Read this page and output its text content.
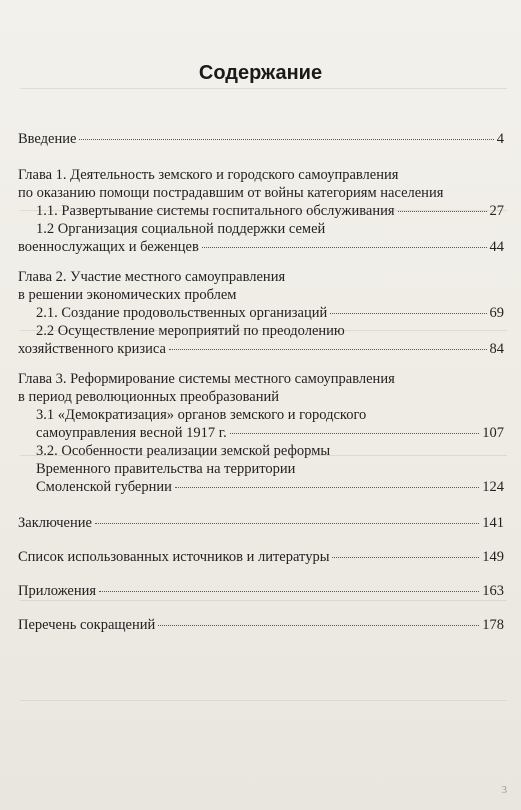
Содержание
Введение	4
Глава 1. Деятельность земского и городского самоуправления
по оказанию помощи пострадавшим от войны категориям населения
1.1. Развертывание системы госпитального обслуживания	27
1.2 Организация социальной поддержки семей
военнослужащих и беженцев	44
Глава 2. Участие местного самоуправления
в решении экономических проблем
2.1. Создание продовольственных организаций	69
2.2 Осуществление мероприятий по преодолению
хозяйственного кризиса	84
Глава 3. Реформирование системы местного самоуправления
в период революционных преобразований
3.1 «Демократизация» органов земского и городского
самоуправления весной 1917 г.	107
3.2. Особенности реализации земской реформы
Временного правительства на территории
Смоленской губернии	124
Заключение	141
Список использованных источников и литературы	149
Приложения	163
Перечень сокращений	178
3
